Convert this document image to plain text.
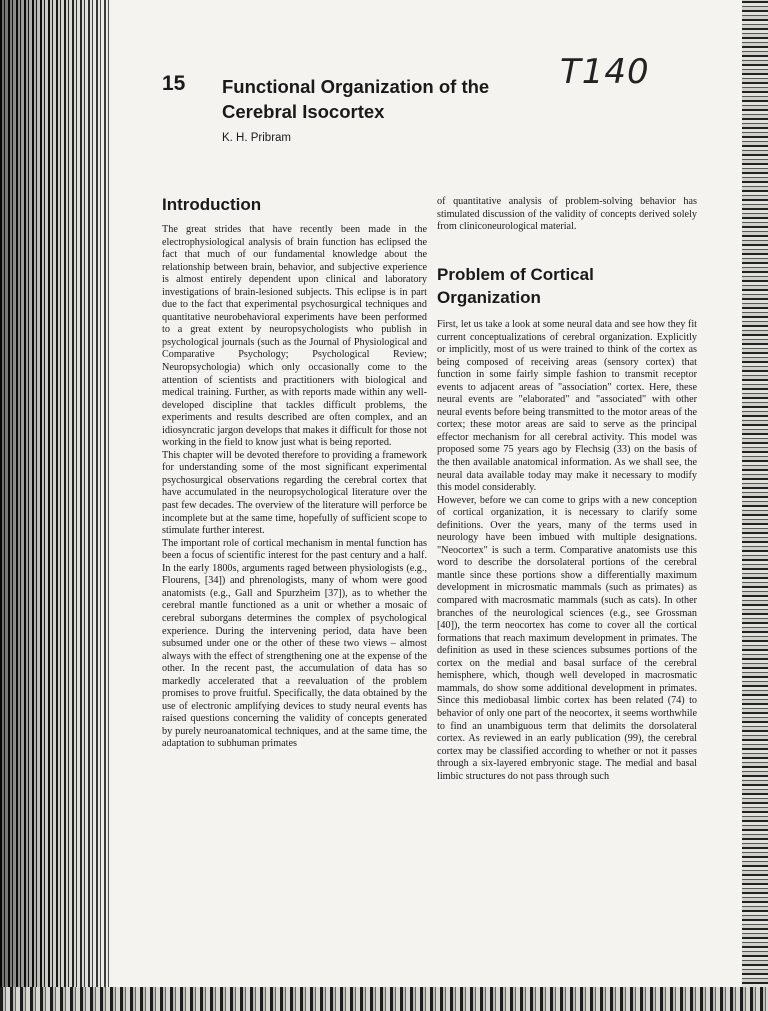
T140
15 Functional Organization of the Cerebral Isocortex
K. H. Pribram
Introduction

The great strides that have recently been made in the electrophysiological analysis of brain function has eclipsed the fact that much of our fundamental knowledge about the relationship between brain, behavior, and subjective experience is almost entirely dependent upon clinical and laboratory investigations of brain-lesioned subjects. This eclipse is in part due to the fact that experimental psychosurgical techniques and quantitative neurobehavioral experiments have been performed to a great extent by neuropsychologists who publish in psychological journals (such as the Journal of Physiological and Comparative Psychology; Psychological Review; Neuropsychologia) which only occasionally come to the attention of scientists and practitioners with biological and medical training. Further, as with reports made within any well-developed discipline that tackles difficult problems, the experiments and results described are often complex, and an idiosyncratic jargon develops that makes it difficult for those not working in the field to know just what is being reported.

This chapter will be devoted therefore to providing a framework for understanding some of the most significant experimental psychosurgical observations regarding the cerebral cortex that have accumulated in the neuropsychological literature over the past few decades. The overview of the literature will perforce be incomplete but at the same time, hopefully of sufficient scope to stimulate further interest.

The important role of cortical mechanism in mental function has been a focus of scientific interest for the past century and a half. In the early 1800s, arguments raged between physiologists (e.g., Flourens, [34]) and phrenologists, many of whom were good anatomists (e.g., Gall and Spurzheim [37]), as to whether the cerebral mantle functioned as a unit or whether a mosaic of cerebral suborgans determines the complex of psychological experience. During the intervening period, data have been subsumed under one or the other of these two views – almost always with the effect of strengthening one at the expense of the other. In the recent past, the accumulation of data has so markedly accelerated that a reevaluation of the problem promises to prove fruitful. Specifically, the data obtained by the use of electronic amplifying devices to study neural events has raised questions concerning the validity of concepts generated by purely neuroanatomical techniques, and at the same time, the adaptation to subhuman primates

of quantitative analysis of problem-solving behavior has stimulated discussion of the validity of concepts derived solely from cliniconeurological material.

Problem of Cortical Organization

First, let us take a look at some neural data and see how they fit current conceptualizations of cerebral organization. Explicitly or implicitly, most of us were trained to think of the cortex as being composed of receiving areas (sensory cortex) that function in some fairly simple fashion to transmit receptor events to adjacent areas of "association" cortex. Here, these neural events are "elaborated" and "associated" with other neural events before being transmitted to the motor areas of the cortex; these motor areas are said to serve as the principal effector mechanism for all cerebral activity. This model was proposed some 75 years ago by Flechsig (33) on the basis of the then available anatomical information. As we shall see, the neural data available today may make it necessary to modify this model considerably.

However, before we can come to grips with a new conception of cortical organization, it is necessary to clarify some definitions. Over the years, many of the terms used in neurology have been imbued with multiple designations. "Neocortex" is such a term. Comparative anatomists use this word to describe the dorsolateral portions of the cerebral mantle since these portions show a differentially maximum development in microsmatic mammals (such as primates) as compared with macrosmatic mammals (such as cats). In other branches of the neurological sciences (e.g., see Grossman [40]), the term neocortex has come to cover all the cortical formations that reach maximum development in primates. The definition as used in these sciences subsumes portions of the cortex on the medial and basal surface of the cerebral hemisphere, which, though well developed in macrosmatic mammals, do show some additional development in primates. Since this mediobasal limbic cortex has been related (74) to behavior of only one part of the neocortex, it seems worthwhile to find an unambiguous term that delimits the dorsolateral cortex. As reviewed in an early publication (99), the cerebral cortex may be classified according to whether or not it passes through a six-layered embryonic stage. The medial and basal limbic structures do not pass through such
